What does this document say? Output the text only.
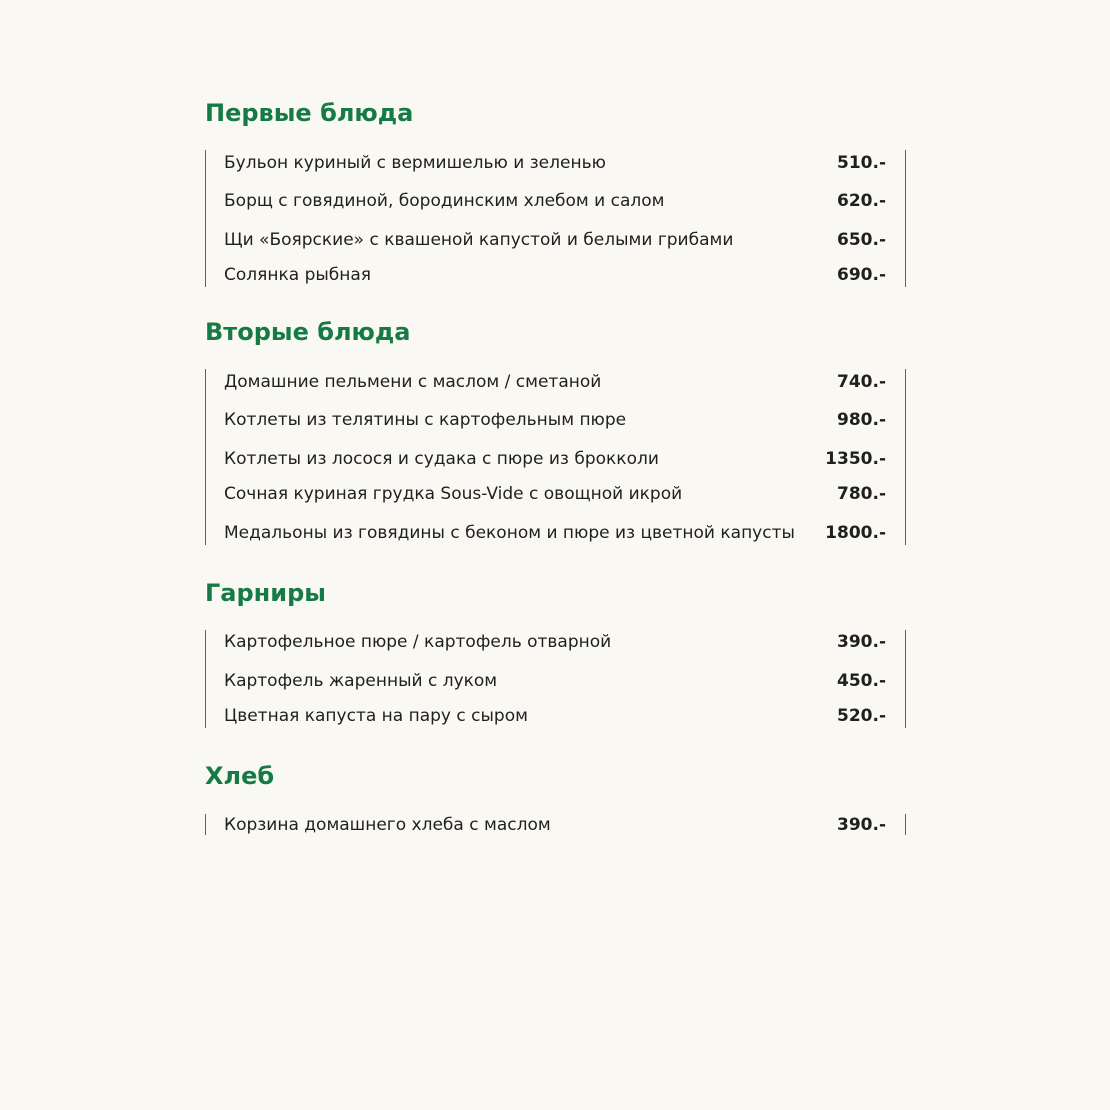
Первые блюда
Бульон куриный с вермишелью и зеленью	510.-
Борщ с говядиной, бородинским хлебом и салом	620.-
Щи «Боярские» с квашеной капустой и белыми грибами	650.-
Солянка рыбная	690.-
Вторые блюда
Домашние пельмени с маслом / сметаной	740.-
Котлеты из телятины с картофельным пюре	980.-
Котлеты из лосося и судака с пюре из брокколи	1350.-
Сочная куриная грудка Sous-Vide с овощной икрой	780.-
Медальоны из говядины с беконом и пюре из цветной капусты 1800.-
Гарниры
Картофельное пюре / картофель отварной	390.-
Картофель жаренный с луком	450.-
Цветная капуста на пару с сыром	520.-
Хлеб
Корзина домашнего хлеба с маслом	390.-
